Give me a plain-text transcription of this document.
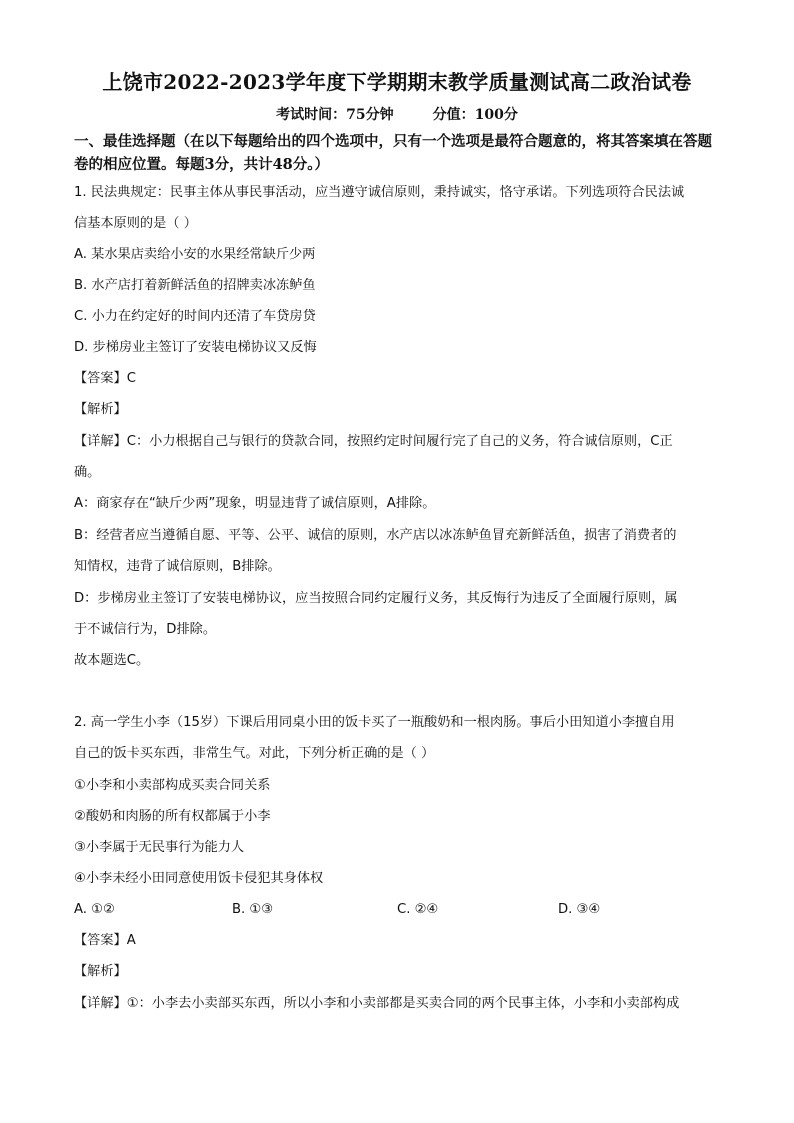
上饶市2022-2023学年度下学期期末教学质量测试高二政治试卷
考试时间：75分钟        分值：100分
一、最佳选择题（在以下每题给出的四个选项中，只有一个选项是最符合题意的，将其答案填在答题卷的相应位置。每题3分，共计48分。）
1. 民法典规定：民事主体从事民事活动，应当遵守诚信原则，秉持诚实，恪守承诺。下列选项符合民法诚
信基本原则的是（ ）
A. 某水果店卖给小安的水果经常缺斤少两
B. 水产店打着新鲜活鱼的招牌卖冰冻鲈鱼
C. 小力在约定好的时间内还清了车贷房贷
D. 步梯房业主签订了安装电梯协议又反悔
【答案】C
【解析】
【详解】C：小力根据自己与银行的贷款合同，按照约定时间履行完了自己的义务，符合诚信原则，C正
确。
A：商家存在“缺斤少两”现象，明显违背了诚信原则，A排除。
B：经营者应当遵循自愿、平等、公平、诚信的原则，水产店以冰冻鲈鱼冒充新鲜活鱼，损害了消费者的
知情权，违背了诚信原则，B排除。
D：步梯房业主签订了安装电梯协议，应当按照合同约定履行义务，其反悔行为违反了全面履行原则，属
于不诚信行为，D排除。
故本题选C。
2. 高一学生小李（15岁）下课后用同桌小田的饭卡买了一瓶酸奶和一根肉肠。事后小田知道小李擅自用
自己的饭卡买东西，非常生气。对此，下列分析正确的是（ ）
①小李和小卖部构成买卖合同关系
②酸奶和肉肠的所有权都属于小李
③小李属于无民事行为能力人
④小李未经小田同意使用饭卡侵犯其身体权
A. ①②	B. ①③	C. ②④	D. ③④
【答案】A
【解析】
【详解】①：小李去小卖部买东西，所以小李和小卖部都是买卖合同的两个民事主体，小李和小卖部构成
